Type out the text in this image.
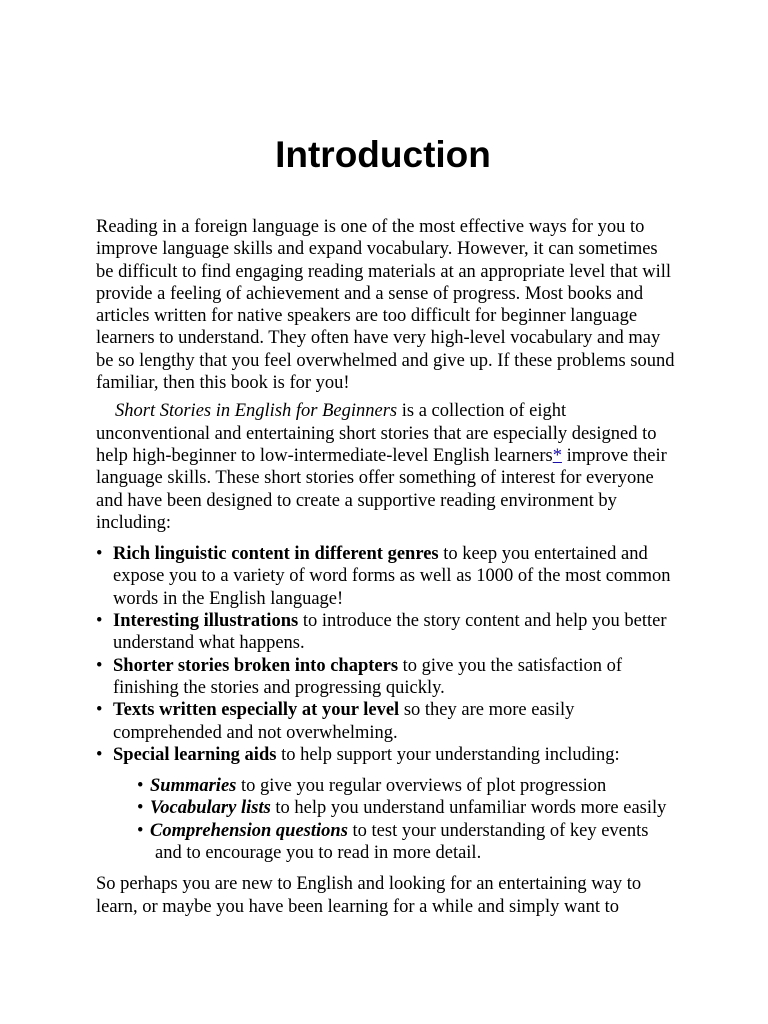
Introduction

Reading in a foreign language is one of the most effective ways for you to improve language skills and expand vocabulary. However, it can sometimes be difficult to find engaging reading materials at an appropriate level that will provide a feeling of achievement and a sense of progress. Most books and articles written for native speakers are too difficult for beginner language learners to understand. They often have very high-level vocabulary and may be so lengthy that you feel overwhelmed and give up. If these problems sound familiar, then this book is for you!

Short Stories in English for Beginners is a collection of eight unconventional and entertaining short stories that are especially designed to help high-beginner to low-intermediate-level English learners* improve their language skills. These short stories offer something of interest for everyone and have been designed to create a supportive reading environment by including:

• Rich linguistic content in different genres to keep you entertained and expose you to a variety of word forms as well as 1000 of the most common words in the English language!
• Interesting illustrations to introduce the story content and help you better understand what happens.
• Shorter stories broken into chapters to give you the satisfaction of finishing the stories and progressing quickly.
• Texts written especially at your level so they are more easily comprehended and not overwhelming.
• Special learning aids to help support your understanding including:
• Summaries to give you regular overviews of plot progression
• Vocabulary lists to help you understand unfamiliar words more easily
• Comprehension questions to test your understanding of key events and to encourage you to read in more detail.

So perhaps you are new to English and looking for an entertaining way to learn, or maybe you have been learning for a while and simply want to
